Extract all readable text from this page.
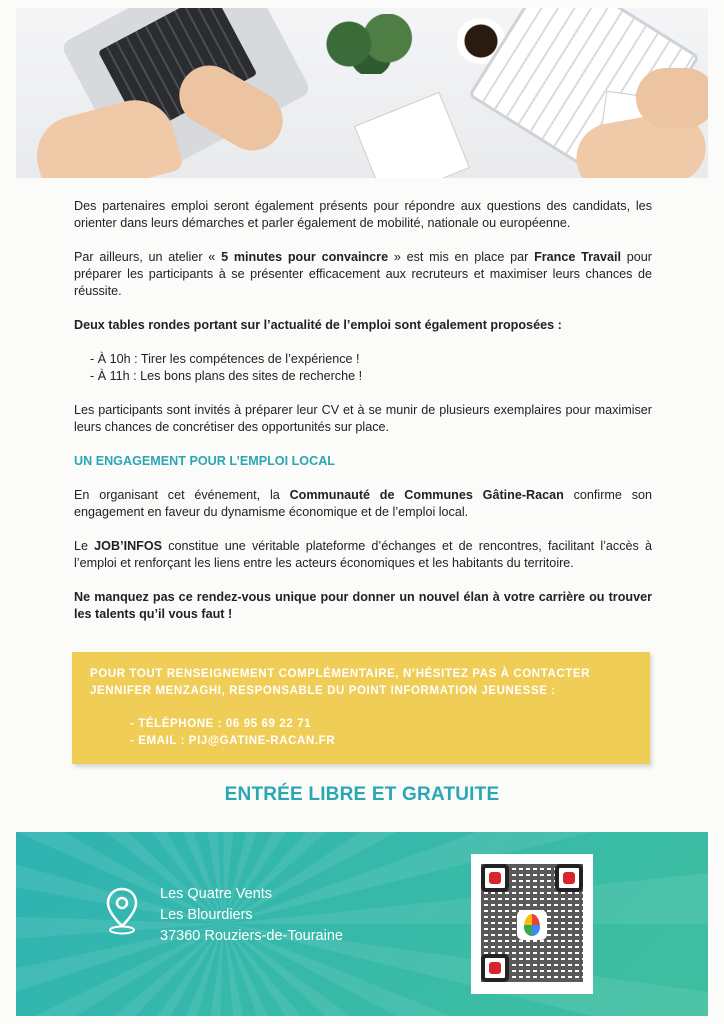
Des partenaires emploi seront également présents pour répondre aux questions des candidats, les orienter dans leurs démarches et parler également de mobilité, nationale ou européenne.

Par ailleurs, un atelier « 5 minutes pour convaincre » est mis en place par France Travail pour préparer les participants à se présenter efficacement aux recruteurs et maximiser leurs chances de réussite.

Deux tables rondes portant sur l’actualité de l’emploi sont également proposées :

- À 10h : Tirer les compétences de l’expérience !
- À 11h : Les bons plans des sites de recherche !

Les participants sont invités à préparer leur CV et à se munir de plusieurs exemplaires pour maximiser leurs chances de concrétiser des opportunités sur place.

UN ENGAGEMENT POUR L’EMPLOI LOCAL

En organisant cet événement, la Communauté de Communes Gâtine-Racan confirme son engagement en faveur du dynamisme économique et de l’emploi local.

Le JOB’INFOS constitue une véritable plateforme d’échanges et de rencontres, facilitant l’accès à l’emploi et renforçant les liens entre les acteurs économiques et les habitants du territoire.

Ne manquez pas ce rendez-vous unique pour donner un nouvel élan à votre carrière ou trouver les talents qu’il vous faut !

POUR TOUT RENSEIGNEMENT COMPLÉMENTAIRE, N’HÉSITEZ PAS À CONTACTER JENNIFER MENZAGHI, RESPONSABLE DU POINT INFORMATION JEUNESSE :
- TÉLÉPHONE : 06 95 69 22 71
- EMAIL : PIJ@GATINE-RACAN.FR
ENTRÉE LIBRE ET GRATUITE
Les Quatre Vents
Les Blourdiers
37360 Rouziers-de-Touraine
